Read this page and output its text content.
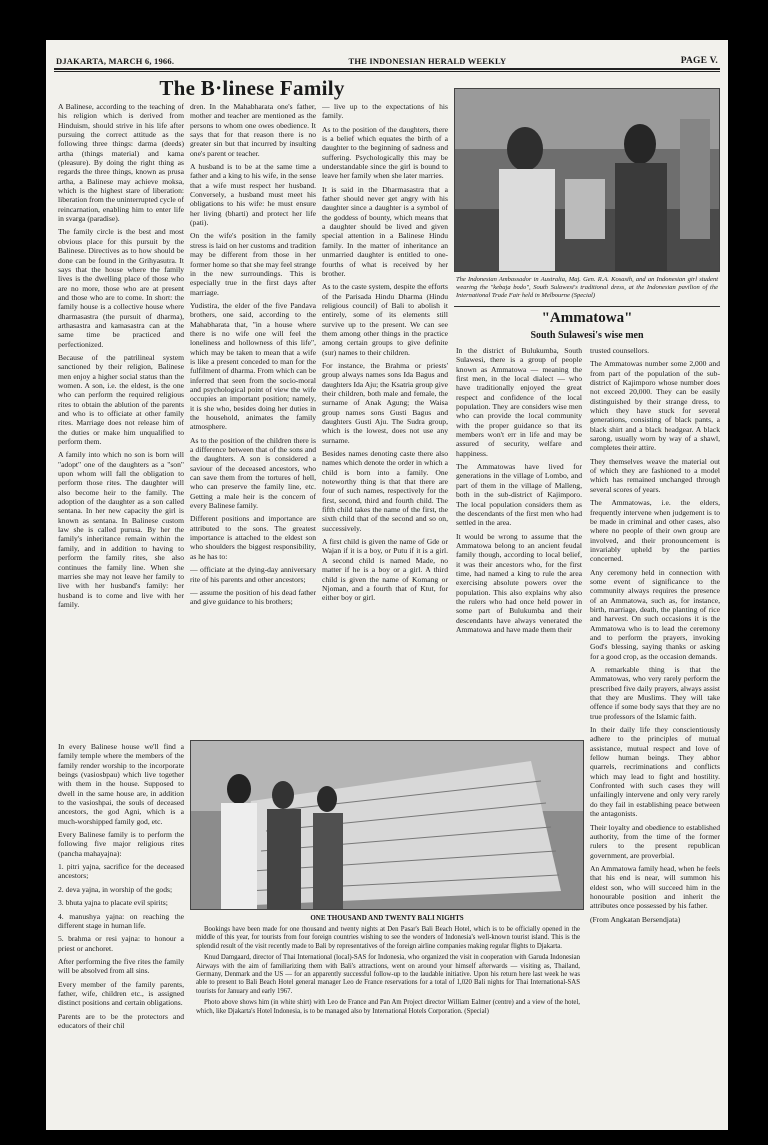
DJAKARTA, MARCH 6, 1966.	THE INDONESIAN HERALD WEEKLY	PAGE V.
The B·linese Family

A Balinese, according to the teaching of his religion which is derived from Hinduism, should strive in his life after pursuing the correct attitude as the following three things: darma (deeds) artha (things material) and kama (pleasure). By doing the right thing as regards the three things, known as prusa artha, a Balinese may achieve moksa, which is the highest stare of liberation: liberation from the uninterrupted cycle of reincarnation, enabling him to enter life in svarga (paradise).

The family circle is the best and most obvious place for this pursuit by the Balinese. Directives as to how should be done can be found in the Grihyasutra. It says that the house where the family lives is the dwelling place of those who are no more, those who are at present and those who are to come. In short: the family house is a collective house where dharmasastra (the pursuit of dharma), arthasastra and kamasastra can at the same time be practiced and perfectionized.

Because of the patrilineal system sanctioned by their religion, Balinese men enjoy a higher social status than the women. A son, i.e. the eldest, is the one who can perform the required religious rites to obtain the ablution of the parents and who is to officiate at other family rites. Marriage does not release him of the duties or make him unqualified to perform them.

A family into which no son is born will "adopt" one of the daughters as a "son" upon whom will fall the obligation to perform those rites. The daughter will also become heir to the family. The adoption of the daughter as a son called sentana. In her new capacity the girl is known as sentana. In Balinese custom law she is called purusa. By her the family's inheritance remain within the family, and in addition to having to perform the family rites, she also continues the family line. When she marries she may not leave her family to live with her husband's family: her husband is to come and live with her family.

dren. In the Mahabharata one's father, mother and teacher are mentioned as the persons to whom one owes obedience. It says that for that reason there is no greater sin but that incurred by insulting one's parent or teacher.

A husband is to be at the same time a father and a king to his wife, in the sense that a wife must respect her husband. Conversely, a husband must meet his obligations to his wife: he must ensure her living (bharti) and protect her life (pati).

On the wife's position in the family stress is laid on her customs and tradition may be different from those in her former home so that she may feel strange in the new surroundings. This is especially true in the first days after marriage.

Yudistira, the elder of the five Pandava brothers, one said, according to the Mahabharata that, "in a house where there is no wife one will feel the loneliness and hollowness of this life", which may be taken to mean that a wife is like a present conceded to man for the fulfilment of dharma. From which can be inferred that seen from the socio-moral and psychological point of view the wife occupies an important position; namely, it is she who, besides doing her duties in the household, animates the family atmosphere.

As to the position of the children there is a difference between that of the sons and the daughters. A son is considered a saviour of the deceased ancestors, who can save them from the tortures of hell, who can preserve the family line, etc. Getting a male heir is the concern of every Balinese family.

Different positions and importance are attributed to the sons. The greatest importance is attached to the eldest son who shoulders the biggest responsibility, as he has to:

— officiate at the dying-day anniversary rite of his parents and other ancestors;

— assume the position of his dead father and give guidance to his brothers;

— live up to the expectations of his family.

As to the position of the daughters, there is a belief which equates the birth of a daughter to the beginning of sadness and suffering. Psychologically this may be understandable since the girl is bound to leave her family when she later marries.

It is said in the Dharmasastra that a father should never get angry with his daughter since a daughter is a symbol of the goddess of bounty, which means that a daughter should be lived and given special attention in a Balinese Hindu family. In the matter of inheritance an unmarried daughter is entitled to one-fourths of what is received by her brother.

As to the caste system, despite the efforts of the Parisada Hindu Dharma (Hindu religious council) of Bali to abolish it entirely, some of its elements still survive up to the present. We can see them among other things in the practice among certain groups to give definite (sur) names to their children.

For instance, the Brahma or priests' group always names sons Ida Bagus and daughters Ida Aju; the Ksatria group give their children, both male and female, the surname of Anak Agung; the Waisa group names sons Gusti Bagus and daughters Gusti Aju. The Sudra group, which is the lowest, does not use any surname.

Besides names denoting caste there also names which denote the order in which a child is born into a family. One noteworthy thing is that that there are four of such names, respectively for the first, second, third and fourth child. The fifth child takes the name of the first, the sixth child that of the second and so on, successively.

A first child is given the name of Gde or Wajan if it is a boy, or Putu if it is a girl. A second child is named Made, no matter if he is a boy or a girl. A third child is given the name of Komang or Njoman, and a fourth that of Ktut, for either boy or girl.

In every Balinese house we'll find a family temple where the members of the family render worship to the incorporate beings (vasiosbpau) which live together with them in the house. Supposed to dwell in the same house are, in addition to the vasioshpai, the souls of deceased ancestors, the god Agni, which is a much-worshipped family god, etc.

Every Balinese family is to perform the following five major religious rites (pancha mahayajna):

1. pitri yajna, sacrifice for the deceased ancestors;

2. deva yajna, in worship of the gods;

3. bhuta yajna to placate evil spirits;

4. manushya yajna: on reaching the different stage in human life.

5. brahma or resi yajna: to honour a priest or anchoret.

After performing the five rites the family will be absolved from all sins.

Every member of the family parents, father, wife, children etc., is assigned distinct positions and certain obligations.

Parents are to be the protectors and educators of their chil

The Indonesian Ambassador in Australia, Maj. Gen. R.A. Kosasih, and an Indonesian girl student wearing the "kebaja bodo", South Sulawesi's traditional dress, at the Indonesian pavilion of the International Trade Fair held in Melbourne (Special)
"Ammatowa"
South Sulawesi's wise men

In the district of Bulukumba, South Sulawesi, there is a group of people known as Ammatowa — meaning the first men, in the local dialect — who have traditionally enjoyed the great respect and confidence of the local population. They are considers wise men who can provide the local community with the proper guidance so that its members won't err in life and may be assured of security, welfare and happiness.

The Ammatowas have lived for generations in the village of Lombo, and part of them in the village of Malleng, both in the sub-district of Kajimporo. The local population considers them as the descendants of the first men who had settled in the area.

It would be wrong to assume that the Ammatowa belong to an ancient feudal family though, according to local belief, it was their ancestors who, for the first time, had named a king to rule the area exercising absolute powers over the population. This also explains why also the rulers who had once held power in some part of Bulukumba and their descendants have always venerated the Ammatowa and have made them their

trusted counsellors.

The Ammatowas number some 2,000 and from part of the population of the sub-district of Kajimporo whose number does not exceed 20,000. They can be easily distinguished by their strange dress, to which they have stuck for several generations, consisting of black pants, a black shirt and a black headgear. A black sarong, usually worn by way of a shawl, completes their attire.

They themselves weave the material out of which they are fashioned to a model which has remained unchanged through several scores of years.

The Ammatowas, i.e. the elders, frequently intervene when judgement is to be made in criminal and other cases, also where no people of their own group are involved, and their pronouncement is invariably upheld by the parties concerned.

Any ceremony held in connection with some event of significance to the community always requires the presence of an Ammatowa, such as, for instance, birth, marriage, death, the planting of rice and harvest. On such occasions it is the Ammatowa who is to lead the ceremony and to perform the prayers, invoking God's blessing, saying thanks or asking for a good crop, as the occasion demands.

A remarkable thing is that the Ammatowas, who very rarely perform the prescribed five daily prayers, always assist that they are Muslims. They will take offence if some body says that they are no true professors of the Islamic faith.

In their daily life they conscientiously adhere to the principles of mutual assistance, mutual respect and love of fellow human beings. They abhor quarrels, recriminations and conflicts which may lead to fight and hostility. Confronted with such cases they will unfailingly intervene and only very rarely do they fail in establishing peace between the antagonists.

Their loyalty and obedience to established authority, from the time of the former rulers to the present republican government, are proverbial.

An Ammatowa family head, when he feels that his end is near, will summon his eldest son, who will succeed him in the honourable position and inherit the attributes once possessed by his father.

(From Angkatan Bersendjata)

ONE THOUSAND AND TWENTY BALI NIGHTS

Bookings have been made for one thousand and twenty nights at Den Pasar's Bali Beach Hotel, which is to be officially opened in the middle of this year, for tourists from four foreign countries wishing to see the wonders of Indonesia's well-known tourist island. This is the splendid result of the visit recently made to Bali by representatives of the foreign airline companies making regular flights to Djakarta.

Knud Damgaard, director of Thai International (local)-SAS for Indonesia, who organized the visit in cooperation with Garuda Indonesian Airways with the aim of familiarizing them with Bali's attractions, went on around your himself afterwards — visiting as, Thailand, Germany, Denmark and the US — for an apparently successful follow-up to the laudable initiative. Upon his return here last week he was able to present to Bali Beach Hotel general manager Leo de France reservations for a total of 1,020 Bali nights for Thai International-SAS tourists for January and early 1967.

Photo above shows him (in white shirt) with Leo de France and Pan Am Project director William Ealmer (centre) and a view of the hotel, which, like Djakarta's Hotel Indonesia, is to be managed also by International Hotels Corporation. (Special)
